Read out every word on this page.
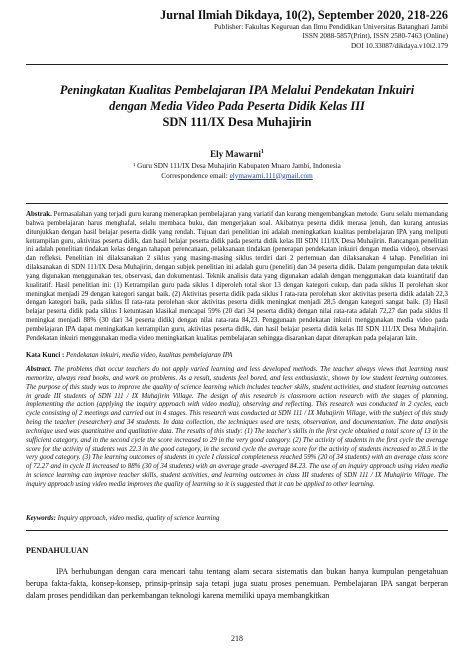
Jurnal Ilmiah Dikdaya, 10(2), September 2020, 218-226
Publisher: Fakultas Keguruan dan Ilmu Pendidikan Universitas Batanghari Jambi
ISSN 2088-5857(Print), ISSN 2580-7463 (Online)
DOI 10.33087/dikdaya.v10i2.179
Peningkatan Kualitas Pembelajaran IPA Melalui Pendekatan Inkuiri
dengan Media Video Pada Peserta Didik Kelas III
SDN 111/IX Desa Muhajirin
Ely Mawarni$^1$
¹ Guru SDN 111/IX Desa Muhajirin Kabupaten Muaro Jambi, Indonesia
Correspondence email: elymawarni.111@gmail.com
Abstrak. Permasalahan yang terjadi guru kurang menerapkan pembelajaran yang variatif dan kurang mengembangkan metode. Guru selalu memandang bahwa pembelajaran harus menghafal, selalu membaca buku, dan mengerjakan soal. Akibatnya peserta didik merasa jenuh, dan kurang antusias ditunjukkan dengan hasil belajar peserta didik yang rendah. Tujuan dari penelitian ini adalah meningkatkan kualitas pembelajaran IPA yang meliputi ketrampilan guru, aktivitas peserta didik, dan hasil belajar peserta didik pada peserta didik kelas III SDN 111/IX Desa Muhajirin. Rancangan penelitian ini adalah penelitian tindakan kelas dengan tahapan perencanaan, pelaksanaan tindakan (penerapan pendekatan inkuiri dengan media video), observasi dan refleksi. Penelitian ini dilaksanakan 2 siklus yang masing-masing siklus terdiri dari 2 pertemuan dan dilaksanakan 4 tahap. Penelitian ini dilaksanakan di SDN 111/IX Desa Muhajirin, dengan subjek penelitian ini adalah guru (peneliti) dan 34 peserta didik. Dalam pengumpulan data teknik yang digunakan menggunakan tes, observasi, dan dokumentasi. Teknik analisis data yang digunakan adalah dengan menggunakan data kuantitatif dan kualitatif. Hasil penelitian ini: (1) Ketrampilan guru pada siklus I diperoleh total skor 13 dengan kategori cukup, dan pada siklus II perolehan skor meningkat menjadi 29 dengan kategori sangat baik. (2) Aktivitas peserta didik pada siklus I rata-rata perolehan skor aktivitas peserta didik adalah 22,3 dengan kategori baik, pada siklus II rata-rata perolehan skor aktivitas peserta didik meningkat menjadi 28,5 dengan kategori sangat baik. (3) Hasil belajar peserta didik pada siklus I ketuntasan klasikal mencapai 59% (20 dari 34 peserta didik) dengan nilai rata-rata adalah 72,27 dan pada siklus II meningkat menjadi 88% (30 dari 34 peserta didik) dengan nilai rata-rata 84,23. Penggunaan pendekatan inkuiri menggunakan media video pada pembelajaran IPA dapat meningkatkan ketrampilan guru, aktivitas peserta didik, dan hasil belajar peserta didik kelas III SDN 111/IX Desa Muhajirin. Pendekatan inkuiri menggunakan media video meningkatkan kualitas pembelajaran sehingga disarankan dapat diterapkan pada pelajaran lain.
Kata Kunci : Pendekatan inkuiri, media video, kualitas pembelajaran IPA
Abstract. The problems that occur teachers do not apply varied learning and less developed methods. The teacher always views that learning must memorize, always read books, and work on problems. As a result, students feel bored, and less enthusiastic, shown by low student learning outcomes. The purpose of this study was to improve the quality of science learning which includes teacher skills, student activities, and student learning outcomes in grade III students of SDN 111 / IX Muhajirin Village. The design of this research is classroom action research with the stages of planning, implementing the action (applying the inquiry approach with video media), observing and reflecting. This research was conducted in 2 cycles, each cycle consisting of 2 meetings and carried out in 4 stages. This research was conducted at SDN 111 / IX Muhajirin Village, with the subject of this study being the teacher (researcher) and 34 students. In data collection, the techniques used are tests, observation, and documentation. The data analysis technique used was quantitative and qualitative data. The results of this study: (1) The teacher's skills in the first cycle obtained a total score of 13 in the sufficient category, and in the second cycle the score increased to 29 in the very good category. (2) The activity of students in the first cycle the average score for the activity of students was 22.3 in the good category, in the second cycle the average score for the activity of students increased to 28.5 in the very good category. (3) The learning outcomes of students in cycle I classical completeness reached 59% (20 of 34 students) with an average class score of 72.27 and in cycle II increased to 88% (30 of 34 students) with an average grade -averaged 84.23. The use of an inquiry approach using video media in science learning can improve teacher skills, student activities, and learning outcomes in class III students of SDN 111 / IX Muhajirin Village. The inquiry approach using video media improves the quality of learning so it is suggested that it can be applied to other learning.
Keywords: Inquiry approach, video media, quality of science learning
PENDAHULUAN
IPA berhubungan dengan cara mencari tahu tentang alam secara sistematis dan bukan hanya kumpulan pengetahuan berupa fakta-fakta, konsep-konsep, prinsip-prinsip saja tetapi juga suatu proses penemuan. Pembelajaran IPA sangat berperan dalam proses pendidikan dan perkembangan teknologi karena memiliki upaya membangkitkan
218
